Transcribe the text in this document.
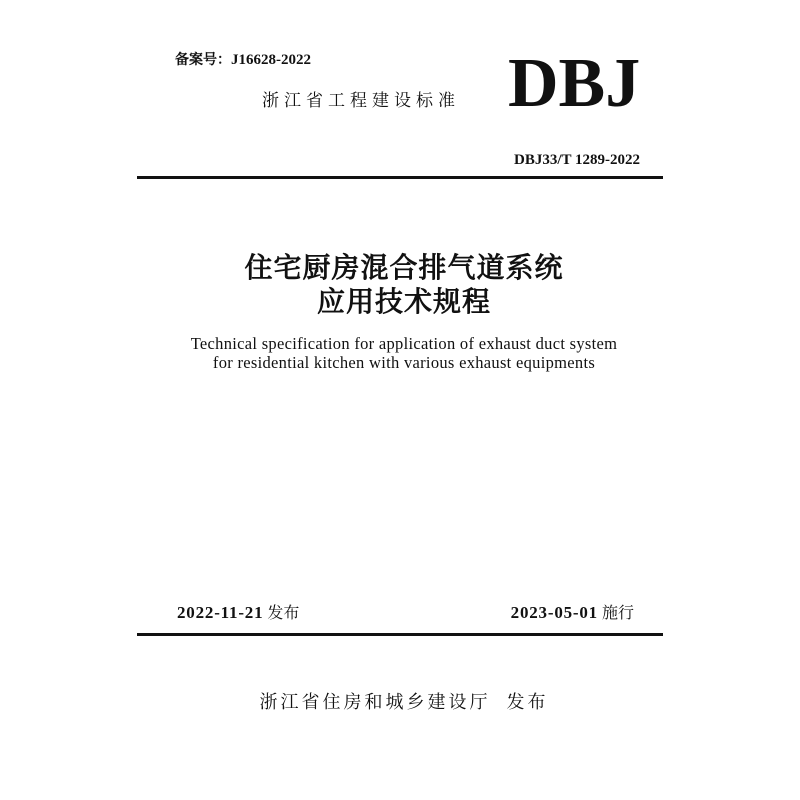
备案号：J16628-2022
浙江省工程建设标准 DBJ
DBJ33/T 1289-2022
住宅厨房混合排气道系统
应用技术规程
Technical specification for application of exhaust duct system
for residential kitchen with various exhaust equipments
2022-11-21 发布	2023-05-01 施行
浙江省住房和城乡建设厅 发布
